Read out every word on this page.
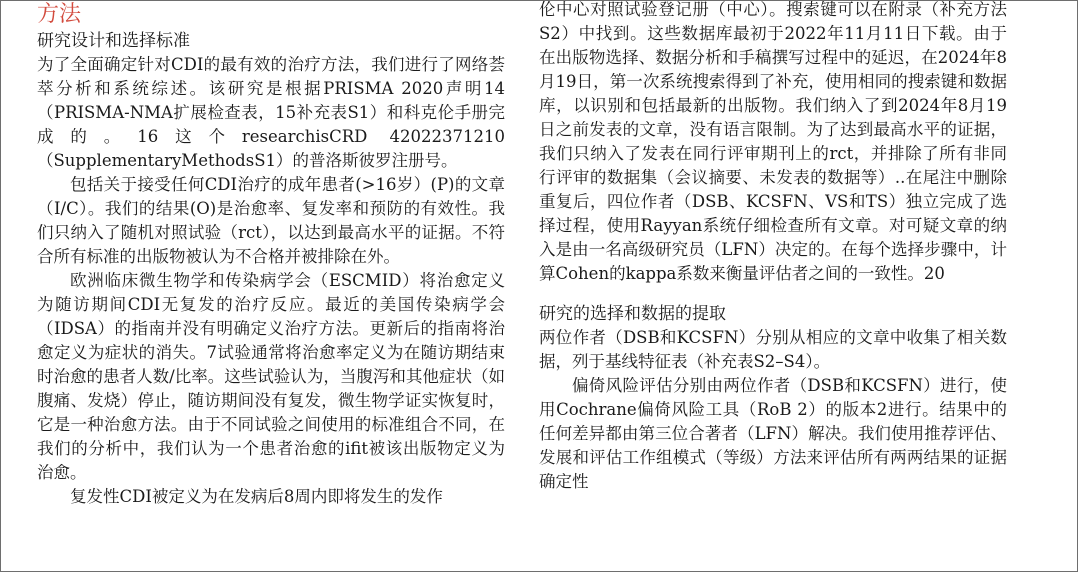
方法
研究设计和选择标准

为了全面确定针对CDI的最有效的治疗方法，我们进行了网络荟萃分析和系统综述。该研究是根据PRISMA 2020声明14（PRISMA-NMA扩展检查表，15补充表S1）和科克伦手册完成的。16这个researchisCRD 42022371210（SupplementaryMethodsS1）的普洛斯彼罗注册号。

包括关于接受任何CDI治疗的成年患者(>16岁）(P)的文章（I/C）。我们的结果(O)是治愈率、复发率和预防的有效性。我们只纳入了随机对照试验（rct），以达到最高水平的证据。不符合所有标准的出版物被认为不合格并被排除在外。

欧洲临床微生物学和传染病学会（ESCMID）将治愈定义为随访期间CDI无复发的治疗反应。最近的美国传染病学会（IDSA）的指南并没有明确定义治疗方法。更新后的指南将治愈定义为症状的消失。7试验通常将治愈率定义为在随访期结束时治愈的患者人数/比率。这些试验认为，当腹泻和其他症状（如腹痛、发烧）停止，随访期间没有复发，微生物学证实恢复时，它是一种治愈方法。由于不同试验之间使用的标准组合不同，在我们的分析中，我们认为一个患者治愈的ifit被该出版物定义为治愈。

复发性CDI被定义为在发病后8周内即将发生的发作

伦中心对照试验登记册（中心）。搜索键可以在附录（补充方法S2）中找到。这些数据库最初于2022年11月11日下载。由于在出版物选择、数据分析和手稿撰写过程中的延迟，在2024年8月19日，第一次系统搜索得到了补充，使用相同的搜索键和数据库，以识别和包括最新的出版物。我们纳入了到2024年8月19日之前发表的文章，没有语言限制。为了达到最高水平的证据，我们只纳入了发表在同行评审期刊上的rct，并排除了所有非同行评审的数据集（会议摘要、未发表的数据等）..在尾注中删除重复后，四位作者（DSB、KCSFN、VS和TS）独立完成了选择过程，使用Rayyan系统仔细检查所有文章。对可疑文章的纳入是由一名高级研究员（LFN）决定的。在每个选择步骤中，计算Cohen的kappa系数来衡量评估者之间的一致性。20

研究的选择和数据的提取

两位作者（DSB和KCSFN）分别从相应的文章中收集了相关数据，列于基线特征表（补充表S2–S4）。

偏倚风险评估分别由两位作者（DSB和KCSFN）进行，使用Cochrane偏倚风险工具（RoB 2）的版本2进行。结果中的任何差异都由第三位合著者（LFN）解决。我们使用推荐评估、发展和评估工作组模式（等级）方法来评估所有两两结果的证据确定性
